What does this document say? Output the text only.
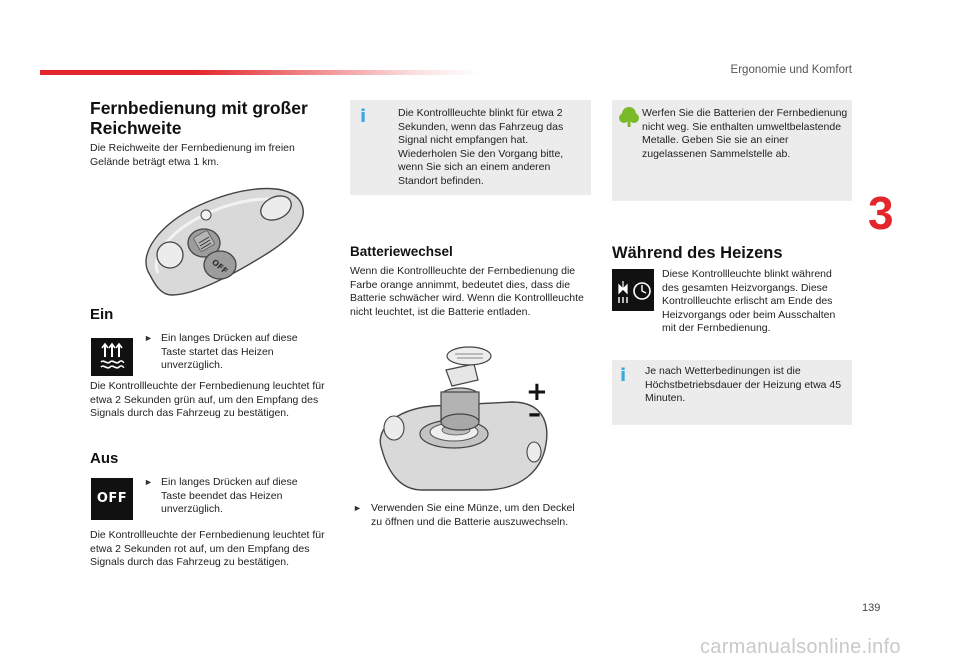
Ergonomie und Komfort
3
Fernbedienung mit großer Reichweite
Die Reichweite der Fernbedienung im freien Gelände beträgt etwa 1 km.
OFF
Ein
► Ein langes Drücken auf diese Taste startet das Heizen unverzüglich.
Die Kontrollleuchte der Fernbedienung leuchtet für etwa 2 Sekunden grün auf, um den Empfang des Signals durch das Fahrzeug zu bestätigen.
Aus
OFF
► Ein langes Drücken auf diese Taste beendet das Heizen unverzüglich.
Die Kontrollleuchte der Fernbedienung leuchtet für etwa 2 Sekunden rot auf, um den Empfang des Signals durch das Fahrzeug zu bestätigen.
i	Die Kontrollleuchte blinkt für etwa 2 Sekunden, wenn das Fahrzeug das Signal nicht empfangen hat. Wiederholen Sie den Vorgang bitte, wenn Sie sich an einem anderen Standort befinden.
Batteriewechsel
Wenn die Kontrollleuchte der Fernbedienung die Farbe orange annimmt, bedeutet dies, dass die Batterie schwächer wird. Wenn die Kontrollleuchte nicht leuchtet, ist die Batterie entladen.
+
–
► Verwenden Sie eine Münze, um den Deckel zu öffnen und die Batterie auszuwechseln.
Werfen Sie die Batterien der Fernbedienung nicht weg. Sie enthalten umweltbelastende Metalle. Geben Sie sie an einer zugelassenen Sammelstelle ab.
Während des Heizens
Diese Kontrollleuchte blinkt während des gesamten Heizvorgangs. Diese Kontrollleuchte erlischt am Ende des Heizvorgangs oder beim Ausschalten mit der Fernbedienung.
i Je nach Wetterbedinungen ist die Höchstbetriebsdauer der Heizung etwa 45 Minuten.
139
carmanualsonline.info
